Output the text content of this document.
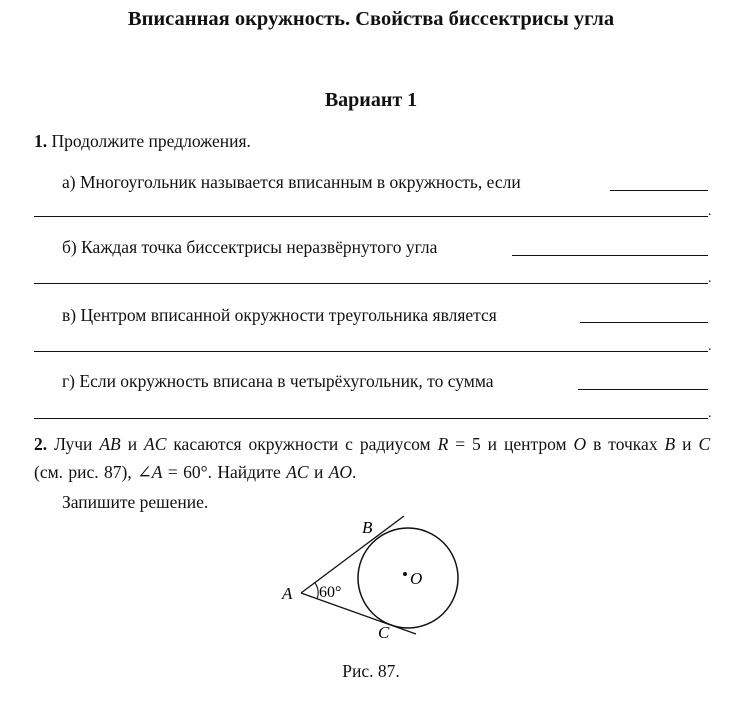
Вписанная окружность. Свойства биссектрисы угла
Вариант 1
1. Продолжите предложения.
а) Многоугольник называется вписанным в окружность, если
.
б) Каждая точка биссектрисы неразвёрнутого угла
.
в) Центром вписанной окружности треугольника является
.
г) Если окружность вписана в четырёхугольник, то сумма
.
2. Лучи AB и AC касаются окружности с радиусом R = 5 и центром O в точках B и C (см. рис. 87), ∠A = 60°. Найдите AC и AO.
Запишите решение.
A
B
C
O
60°
Рис. 87.
